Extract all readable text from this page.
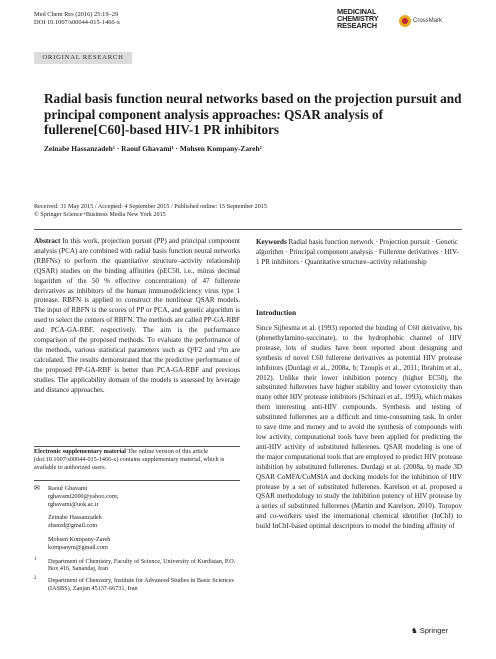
Med Chem Res (2016) 25:19–29
DOI 10.1007/s00044-015-1466-x
MEDICINAL
CHEMISTRY
RESEARCH	CrossMark
ORIGINAL RESEARCH
Radial basis function neural networks based on the projection pursuit and principal component analysis approaches: QSAR analysis of fullerene[C60]-based HIV-1 PR inhibitors
Zeinabe Hassanzadeh¹ · Raouf Ghavami¹ · Mohsen Kompany-Zareh²
Received: 31 May 2015 / Accepted: 4 September 2015 / Published online: 15 September 2015
© Springer Science+Business Media New York 2015
Abstract In this work, projection pursuit (PP) and principal component analysis (PCA) are combined with radial basis function neural networks (RBFNs) to perform the quantitative structure–activity relationship (QSAR) studies on the binding affinities (pEC50, i.e., minus decimal logarithm of the 50 % effective concentration) of 47 fullerene derivatives as inhibitors of the human immunodeficiency virus type 1 protease. RBFN is applied to construct the nonlinear QSAR models. The input of RBFN is the scores of PP or PCA, and genetic algorithm is used to select the centers of RBFN. The methods are called PP-GA-RBF and PCA-GA-RBF, respectively. The aim is the performance comparison of the proposed methods. To evaluate the performance of the methods, various statistical parameters such as Q²F2 and r²m are calculated. The results demonstrated that the predictive performance of the proposed PP-GA-RBF is better than PCA-GA-RBF and previous studies. The applicability domain of the models is assessed by leverage and distance approaches.
Electronic supplementary material The online version of this article (doi:10.1007/s00044-015-1466-x) contains supplementary material, which is available to authorized users.
✉ Raouf Ghavami
rghavami2000@yahoo.com;
rghavami@uok.ac.ir
Zeinabe Hassanzadeh
zhsnzd@gmail.com
Mohsen Kompany-Zareh
kompanym@gmail.com
1 Department of Chemistry, Faculty of Science, University of Kurdistan, P.O. Box 416, Sanandaj, Iran
2 Department of Chemistry, Institute for Advanced Studies in Basic Sciences (IASBS), Zanjan 45137-66731, Iran
Keywords Radial basis function network · Projection pursuit · Genetic algorithm · Principal component analysis · Fullerene derivatives · HIV-1 PR inhibitors · Quantitative structure–activity relationship
Introduction
Since Sijbesma et al. (1993) reported the binding of C60 derivative, bis (phenethylamino-succinate), to the hydrophobic channel of HIV protease, lots of studies have been reported about designing and synthesis of novel C60 fullerene derivatives as potential HIV protease inhibitors (Durdagi et al., 2008a, b; Tzoupis et al., 2011; Ibrahim et al., 2012). Unlike their lower inhibition potency (higher EC50), the substituted fullerenes have higher stability and lower cytotoxicity than many other HIV protease inhibitors (Schinazi et al., 1993), which makes them interesting anti-HIV compounds. Synthesis and testing of substituted fullerenes are a difficult and time-consuming task. In order to save time and money and to avoid the synthesis of compounds with low activity, computational tools have been applied for predicting the anti-HIV activity of substituted fullerenes. QSAR modeling is one of the major computational tools that are employed to predict HIV protease inhibition by substituted fullerenes. Durdagi et al. (2008a, b) made 3D QSAR CoMFA/CoMSIA and docking models for the inhibition of HIV protease by a set of substituted fullerenes. Karelson et al. proposed a QSAR methodology to study the inhibition potency of HIV protease by a series of substituted fullerenes (Martin and Karelson, 2010). Toropov and co-workers used the international chemical identifier (InChI) to build InChI-based optimal descriptors to model the binding affinity of
♞ Springer
